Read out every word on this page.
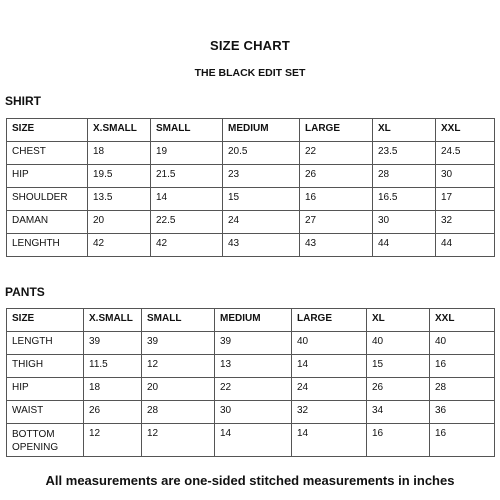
SIZE CHART
THE BLACK EDIT SET
SHIRT
SIZE	X.SMALL	SMALL	MEDIUM	LARGE	XL	XXL
CHEST	18	19	20.5	22	23.5	24.5
HIP	19.5	21.5	23	26	28	30
SHOULDER	13.5	14	15	16	16.5	17
DAMAN	20	22.5	24	27	30	32
LENGHTH	42	42	43	43	44	44
PANTS
SIZE	X.SMALL	SMALL	MEDIUM	LARGE	XL	XXL
LENGTH	39	39	39	40	40	40
THIGH	11.5	12	13	14	15	16
HIP	18	20	22	24	26	28
WAIST	26	28	30	32	34	36
BOTTOM OPENING	12	12	14	14	16	16
All measurements are one-sided stitched measurements in inches
